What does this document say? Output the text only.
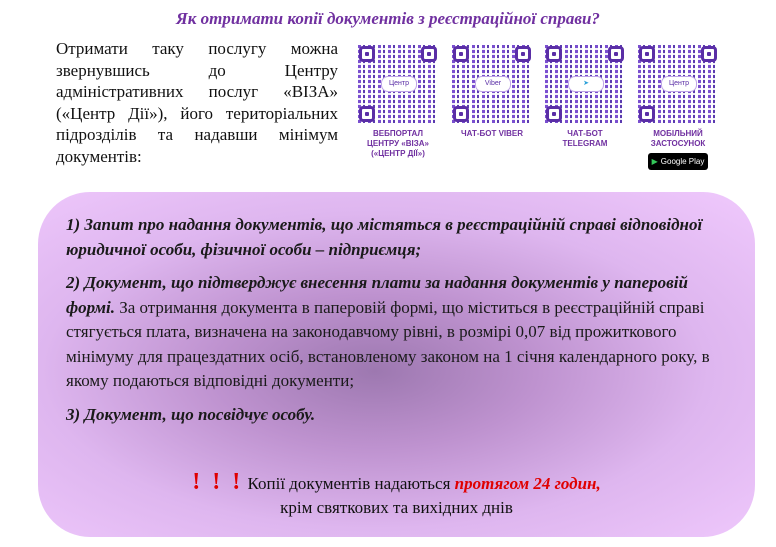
Як отримати копії документів з реєстраційної справи?
Отримати таку послугу можна звернувшись до Центру адміністративних послуг «ВІЗА» («Центр Дії»), його територіальних підрозділів та надавши мінімум документів:
Центр
ВЕБПОРТАЛ ЦЕНТРУ «ВІЗА» («ЦЕНТР ДІЇ»)
Viber
ЧАТ-БОТ VIBER
➤
ЧАТ-БОТ TELEGRAM
Центр
МОБІЛЬНИЙ ЗАСТОСУНОК
▶ Google Play

1) Запит про надання документів, що містяться в реєстраційній справі відповідної юридичної особи, фізичної особи – підприємця;

2) Документ, що підтверджує внесення плати за надання документів у паперовій формі. За отримання документа в паперовій формі, що міститься в реєстраційній справі стягується плата, визначена на законодавчому рівні, в розмірі 0,07 від прожиткового мінімуму для працездатних осіб, встановленому законом на 1 січня календарного року, в якому подаються відповідні документи;

3) Документ, що посвідчує особу.

! ! ! Копії документів надаються протягом 24 годин,
крім святкових та вихідних днів
